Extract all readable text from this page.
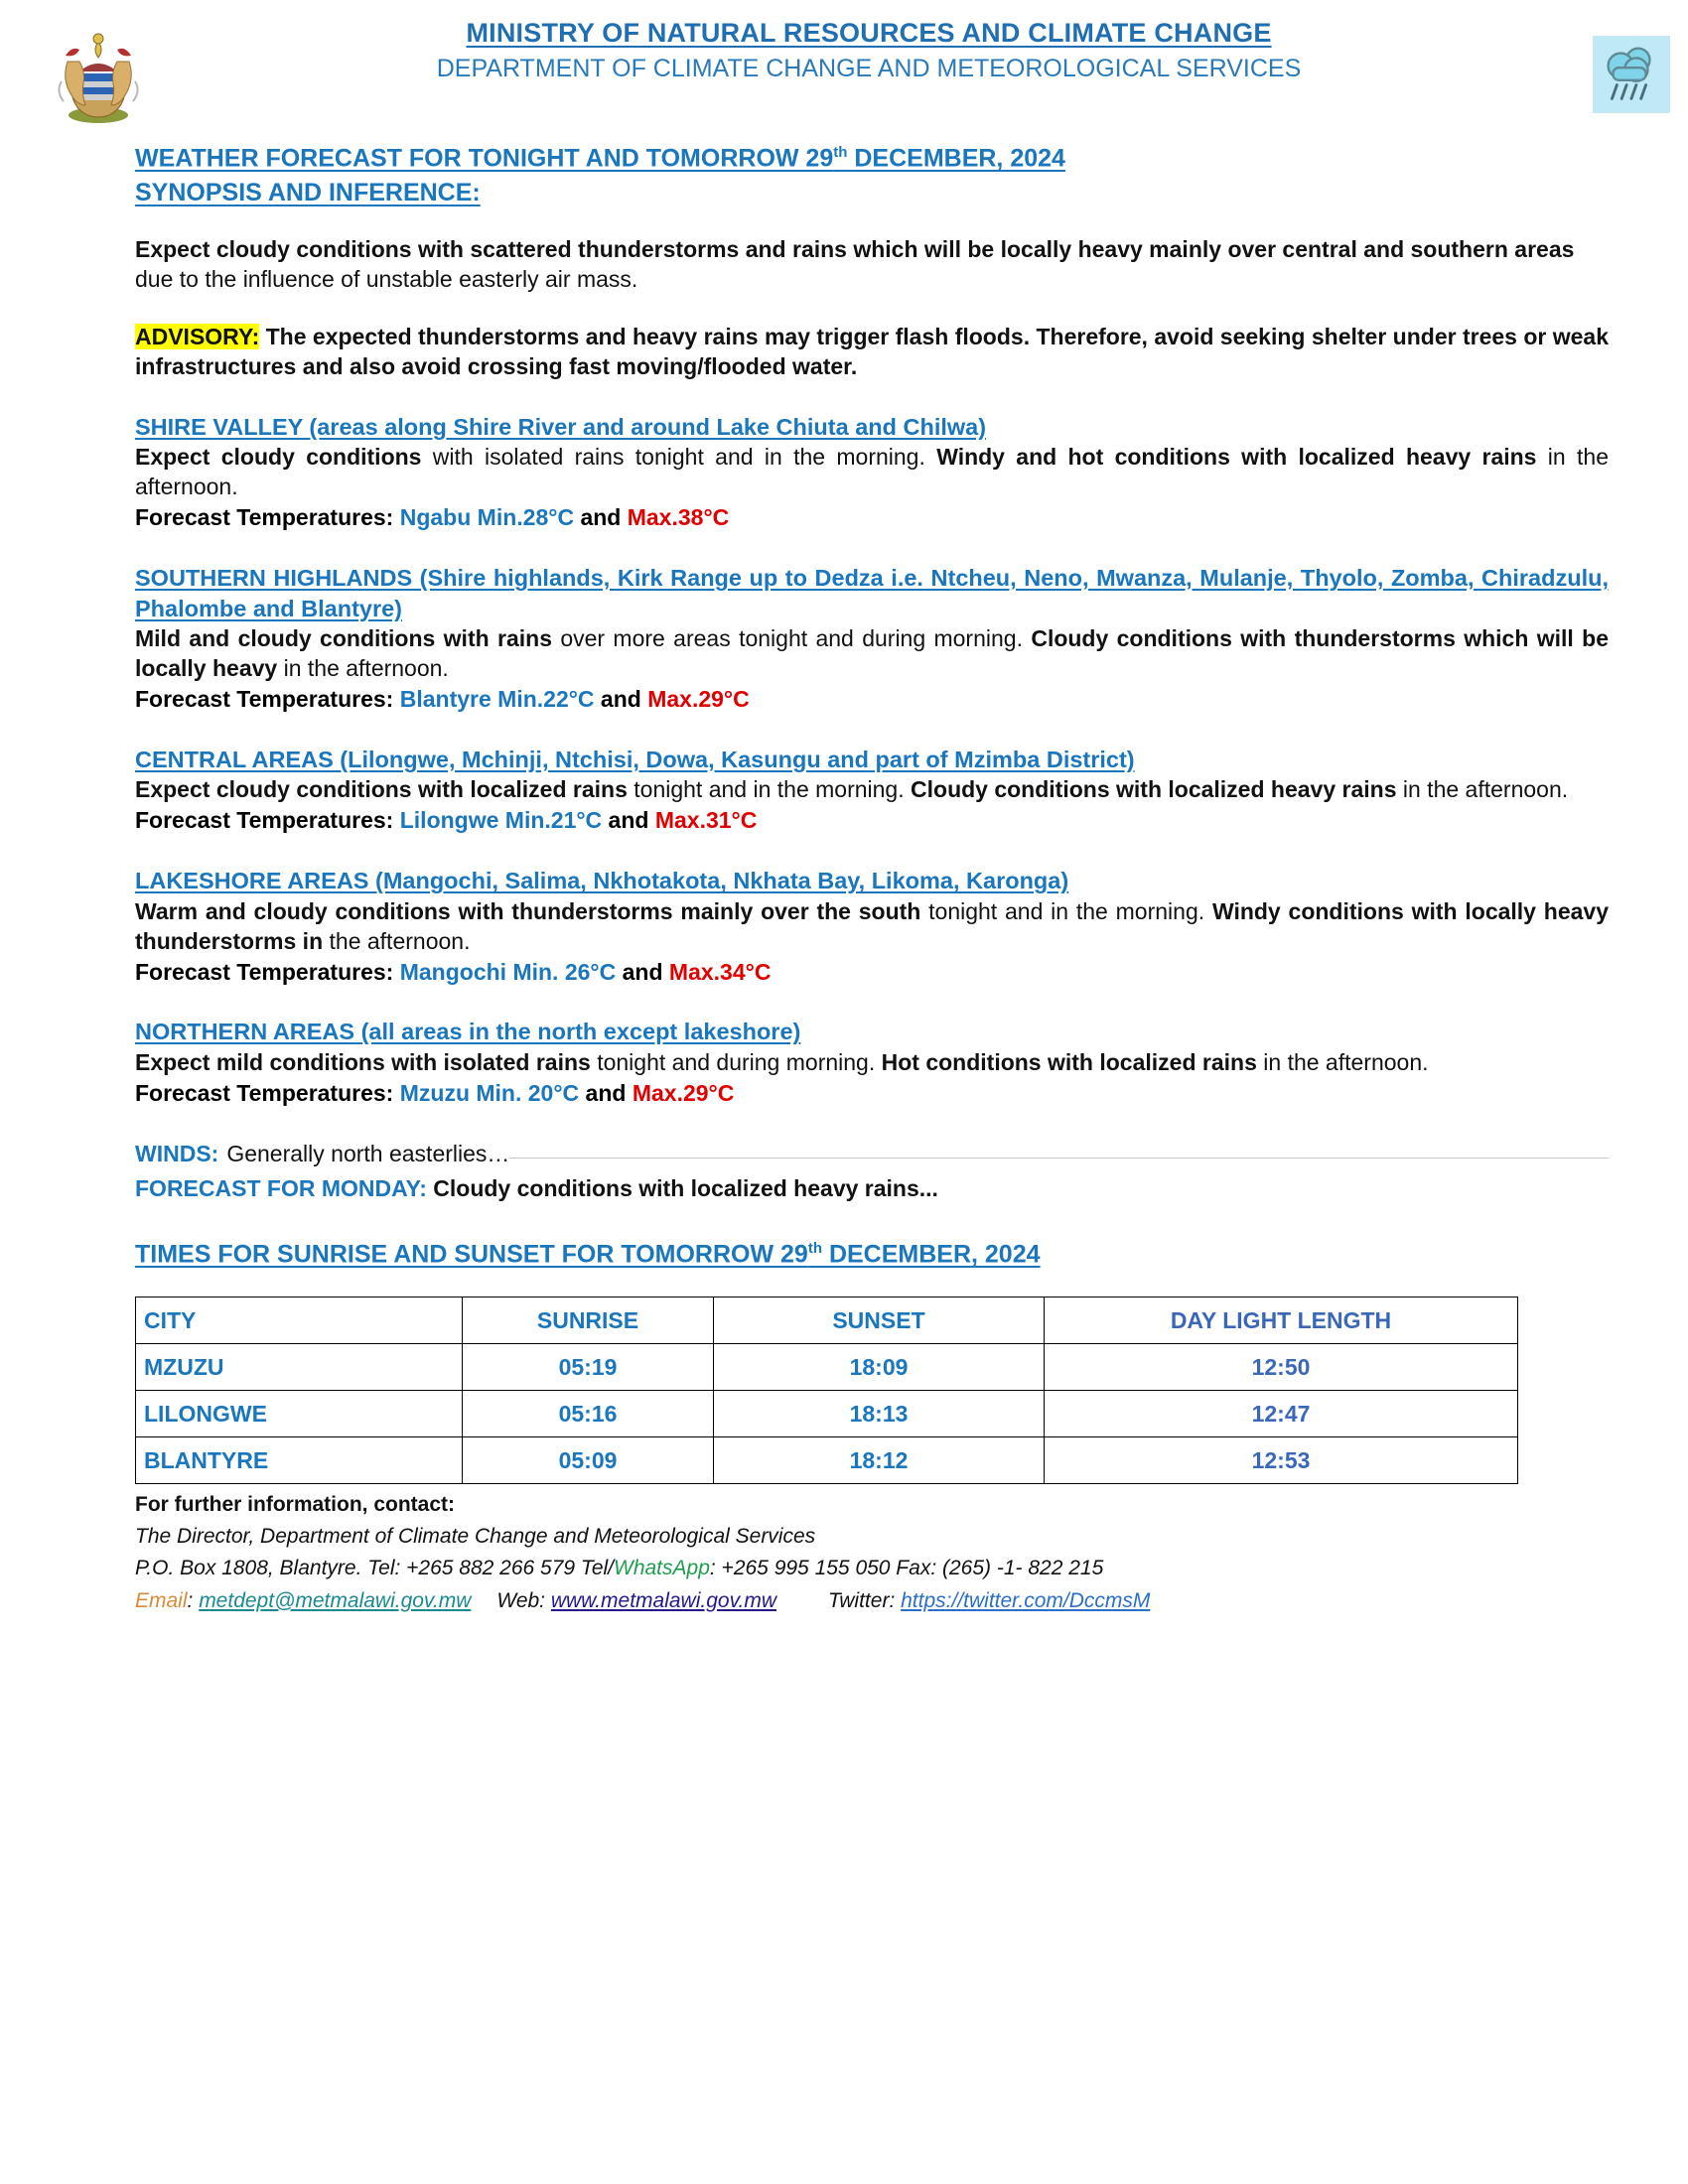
MINISTRY OF NATURAL RESOURCES AND CLIMATE CHANGE
DEPARTMENT OF CLIMATE CHANGE AND METEOROLOGICAL SERVICES
WEATHER FORECAST FOR TONIGHT AND TOMORROW 29th DECEMBER, 2024
SYNOPSIS AND INFERENCE:
Expect cloudy conditions with scattered thunderstorms and rains which will be locally heavy mainly over central and southern areas due to the influence of unstable easterly air mass.
ADVISORY: The expected thunderstorms and heavy rains may trigger flash floods. Therefore, avoid seeking shelter under trees or weak infrastructures and also avoid crossing fast moving/flooded water.
SHIRE VALLEY (areas along Shire River and around Lake Chiuta and Chilwa)
Expect cloudy conditions with isolated rains tonight and in the morning. Windy and hot conditions with localized heavy rains in the afternoon.
Forecast Temperatures: Ngabu Min.28°C and Max.38°C
SOUTHERN HIGHLANDS (Shire highlands, Kirk Range up to Dedza i.e. Ntcheu, Neno, Mwanza, Mulanje, Thyolo, Zomba, Chiradzulu, Phalombe and Blantyre)
Mild and cloudy conditions with rains over more areas tonight and during morning. Cloudy conditions with thunderstorms which will be locally heavy in the afternoon.
Forecast Temperatures: Blantyre Min.22°C and Max.29°C
CENTRAL AREAS (Lilongwe, Mchinji, Ntchisi, Dowa, Kasungu and part of Mzimba District)
Expect cloudy conditions with localized rains tonight and in the morning. Cloudy conditions with localized heavy rains in the afternoon.
Forecast Temperatures: Lilongwe Min.21°C and Max.31°C
LAKESHORE AREAS (Mangochi, Salima, Nkhotakota, Nkhata Bay, Likoma, Karonga)
Warm and cloudy conditions with thunderstorms mainly over the south tonight and in the morning. Windy conditions with locally heavy thunderstorms in the afternoon.
Forecast Temperatures: Mangochi Min. 26°C and Max.34°C
NORTHERN AREAS (all areas in the north except lakeshore)
Expect mild conditions with isolated rains tonight and during morning. Hot conditions with localized rains in the afternoon.
Forecast Temperatures: Mzuzu Min. 20°C and Max.29°C
WINDS: Generally north easterlies…
FORECAST FOR MONDAY: Cloudy conditions with localized heavy rains...
TIMES FOR SUNRISE AND SUNSET FOR TOMORROW 29th DECEMBER, 2024
CITY	SUNRISE	SUNSET	DAY LIGHT LENGTH
MZUZU	05:19	18:09	12:50
LILONGWE	05:16	18:13	12:47
BLANTYRE	05:09	18:12	12:53
For further information, contact:
The Director, Department of Climate Change and Meteorological Services
P.O. Box 1808, Blantyre. Tel: +265 882 266 579 Tel/WhatsApp: +265 995 155 050 Fax: (265) -1- 822 215
Email: metdept@metmalawi.gov.mw Web: www.metmalawi.gov.mw Twitter: https://twitter.com/DccmsM
